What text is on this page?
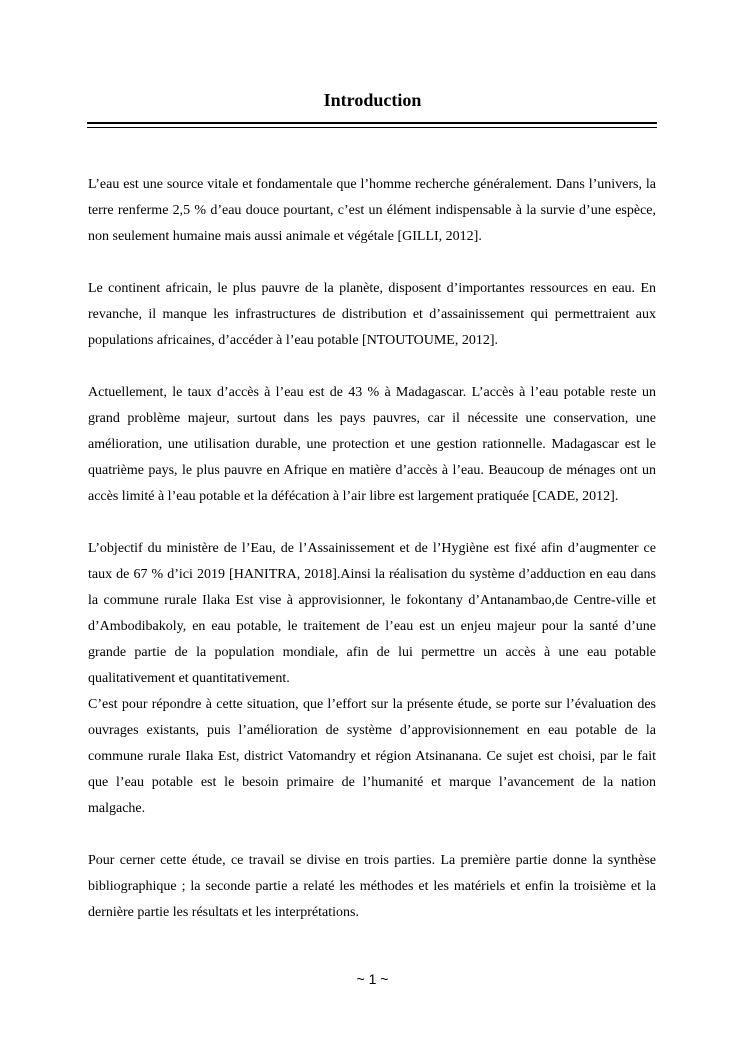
Introduction

L’eau est une source vitale et fondamentale que l’homme recherche généralement. Dans l’univers, la terre renferme 2,5 % d’eau douce pourtant, c’est un élément indispensable à la survie d’une espèce, non seulement humaine mais aussi animale et végétale [GILLI, 2012].

Le continent africain, le plus pauvre de la planète, disposent d’importantes ressources en eau. En revanche, il manque les infrastructures de distribution et d’assainissement qui permettraient aux populations africaines, d’accéder à l’eau potable [NTOUTOUME, 2012].

Actuellement, le taux d’accès à l’eau est de 43 % à Madagascar. L’accès à l’eau potable reste un grand problème majeur, surtout dans les pays pauvres, car il nécessite une conservation, une amélioration, une utilisation durable, une protection et une gestion rationnelle. Madagascar est le quatrième pays, le plus pauvre en Afrique en matière d’accès à l’eau. Beaucoup de ménages ont un accès limité à l’eau potable et la défécation à l’air libre est largement pratiquée [CADE, 2012].

L’objectif du ministère de l’Eau, de l’Assainissement et de l’Hygiène est fixé afin d’augmenter ce taux de 67 % d’ici 2019 [HANITRA, 2018].Ainsi la réalisation du système d’adduction en eau dans la commune rurale Ilaka Est vise à approvisionner, le fokontany d’Antanambao,de Centre-ville et d’Ambodibakoly, en eau potable, le traitement de l’eau est un enjeu majeur pour la santé d’une grande partie de la population mondiale, afin de lui permettre un accès à une eau potable qualitativement et quantitativement.

C’est pour répondre à cette situation, que l’effort sur la présente étude, se porte sur l’évaluation des ouvrages existants, puis l’amélioration de système d’approvisionnement en eau potable de la commune rurale Ilaka Est, district Vatomandry et région Atsinanana. Ce sujet est choisi, par le fait que l’eau potable est le besoin primaire de l’humanité et marque l’avancement de la nation malgache.

Pour cerner cette étude, ce travail se divise en trois parties. La première partie donne la synthèse bibliographique ; la seconde partie a relaté les méthodes et les matériels et enfin la troisième et la dernière partie les résultats et les interprétations.

~ 1 ~
